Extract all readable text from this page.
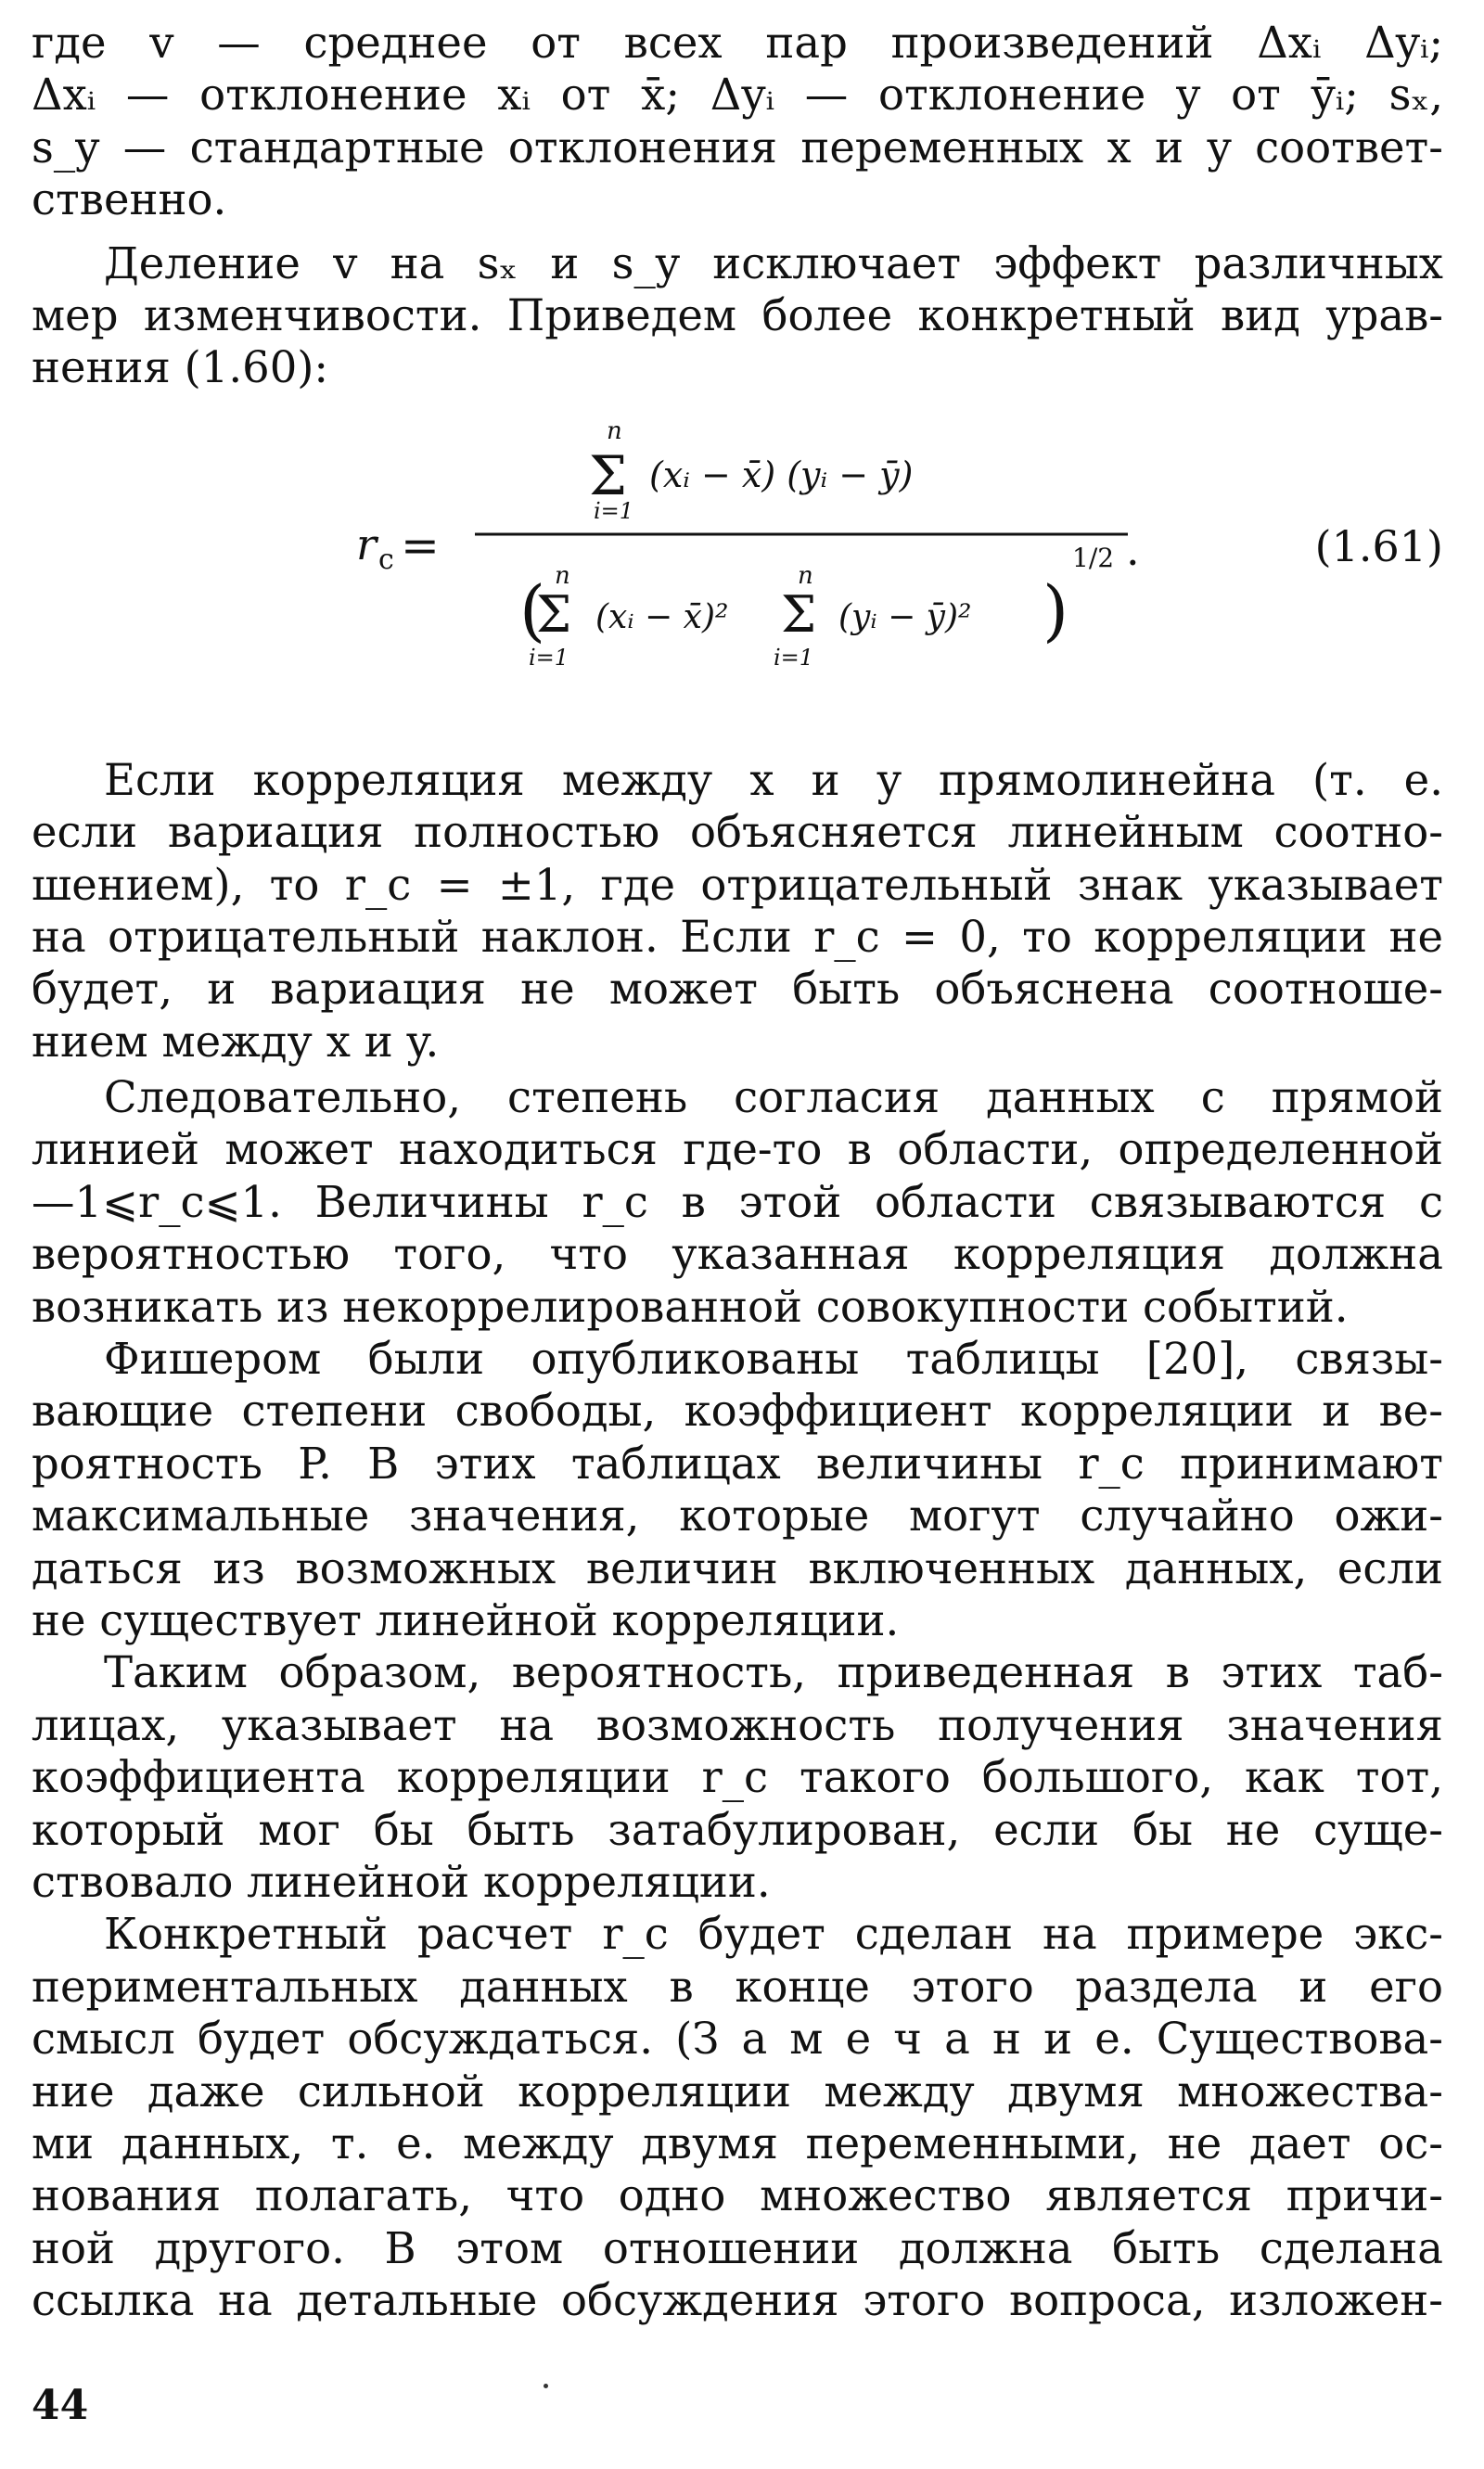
где v — среднее от всех пар произведений Δxᵢ Δyᵢ;
Δxᵢ — отклонение xᵢ от x̄; Δyᵢ — отклонение y от ȳᵢ; sₓ,
s_y — стандартные отклонения переменных x и y соответ-
ственно.
Деление v на sₓ и s_y исключает эффект различных
мер изменчивости. Приведем более конкретный вид урав-
нения (1.60):
r c =
n
Σ
i=1
(xᵢ − x̄) (yᵢ − ȳ)
( n
Σ
i=1
(xᵢ − x̄)²
n
Σ
i=1
(yᵢ − ȳ)² )
1/2 .	(1.61)
Если корреляция между x и y прямолинейна (т. е.
если вариация полностью объясняется линейным соотно-
шением), то r_c = ±1, где отрицательный знак указывает
на отрицательный наклон. Если r_c = 0, то корреляции не
будет, и вариация не может быть объяснена соотноше-
нием между x и y.
Следовательно, степень согласия данных с прямой
линией может находиться где-то в области, определенной
—1⩽r_c⩽1. Величины r_c в этой области связываются с
вероятностью того, что указанная корреляция должна
возникать из некоррелированной совокупности событий.
Фишером были опубликованы таблицы [20], связы-
вающие степени свободы, коэффициент корреляции и ве-
роятность P. В этих таблицах величины r_c принимают
максимальные значения, которые могут случайно ожи-
даться из возможных величин включенных данных, если
не существует линейной корреляции.
Таким образом, вероятность, приведенная в этих таб-
лицах, указывает на возможность получения значения
коэффициента корреляции r_c такого большого, как тот,
который мог бы быть затабулирован, если бы не суще-
ствовало линейной корреляции.
Конкретный расчет r_c будет сделан на примере экс-
периментальных данных в конце этого раздела и его
смысл будет обсуждаться. (З а м е ч а н и е. Существова-
ние даже сильной корреляции между двумя множества-
ми данных, т. е. между двумя переменными, не дает ос-
нования полагать, что одно множество является причи-
ной другого. В этом отношении должна быть сделана
ссылка на детальные обсуждения этого вопроса, изложен-
44
